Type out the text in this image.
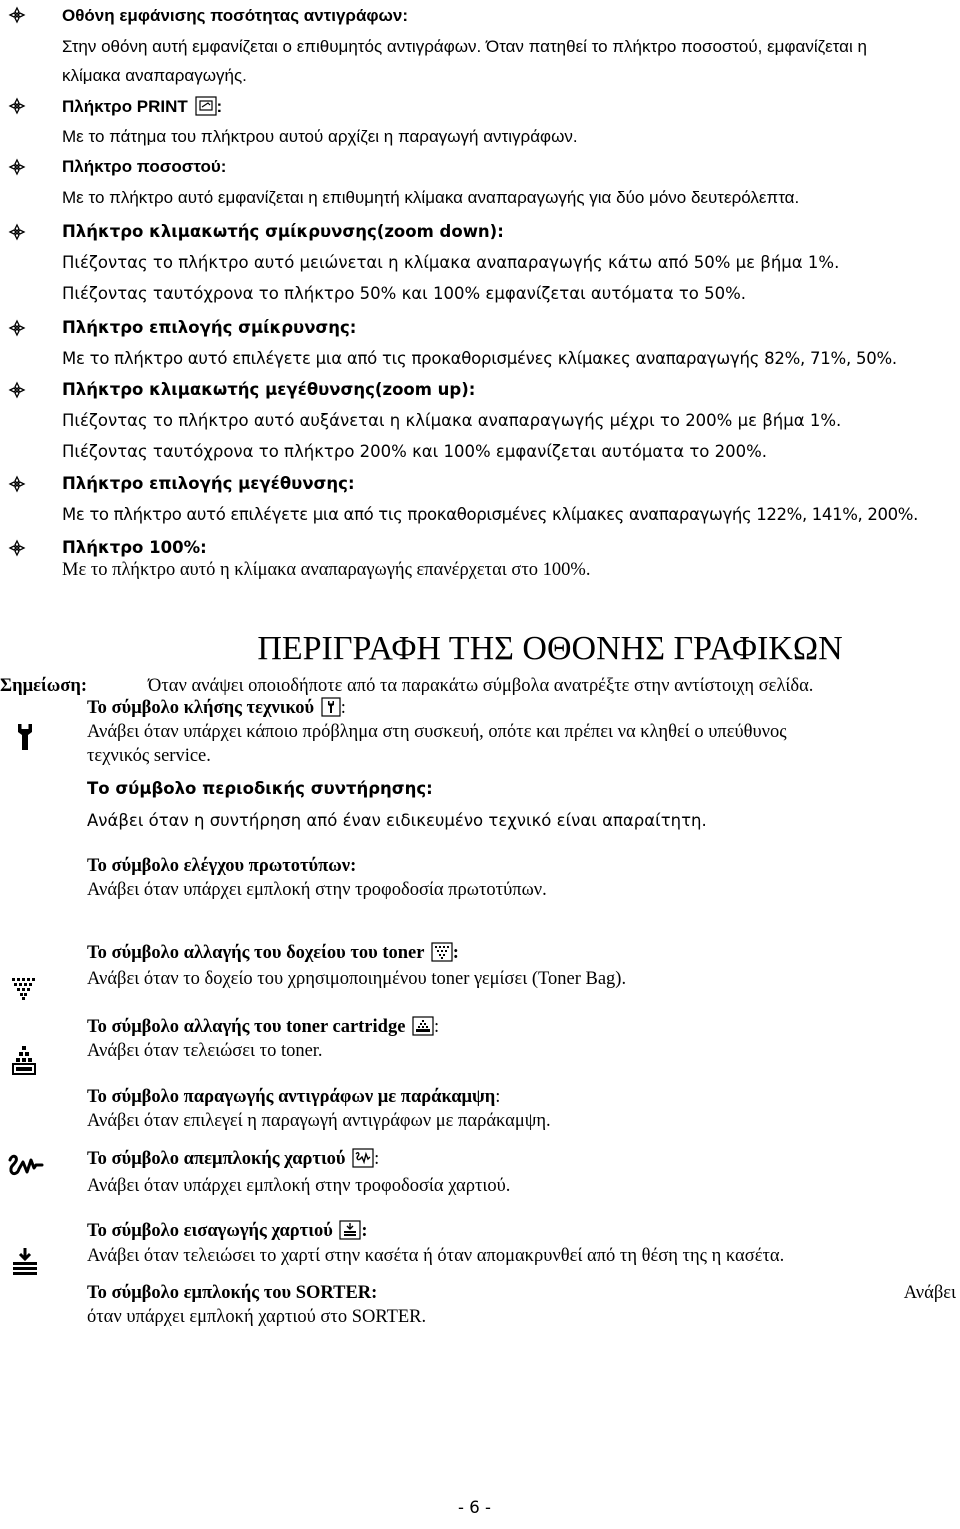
Οθόνη εμφάνισης ποσότητας αντιγράφων:
Στην οθόνη αυτή εμφανίζεται ο επιθυμητός αντιγράφων. Όταν πατηθεί το πλήκτρο ποσοστού, εμφανίζεται η
κλίμακα αναπαραγωγής.
Πλήκτρο PRINT :
Με το πάτημα του πλήκτρου αυτού αρχίζει η παραγωγή αντιγράφων.
Πλήκτρο ποσοστού:
Με το πλήκτρο αυτό εμφανίζεται η επιθυμητή κλίμακα αναπαραγωγής για δύο μόνο δευτερόλεπτα.
Πλήκτρο κλιμακωτής σμίκρυνσης(zoom down):
Πιέζοντας το πλήκτρο αυτό μειώνεται η κλίμακα αναπαραγωγής κάτω από 50% με βήμα 1%.
Πιέζοντας ταυτόχρονα το πλήκτρο 50% και 100% εμφανίζεται αυτόματα το 50%.
Πλήκτρο επιλογής σμίκρυνσης:
Με το πλήκτρο αυτό επιλέγετε μια από τις προκαθορισμένες κλίμακες αναπαραγωγής 82%, 71%, 50%.
Πλήκτρο κλιμακωτής μεγέθυνσης(zoom up):
Πιέζοντας το πλήκτρο αυτό αυξάνεται η κλίμακα αναπαραγωγής μέχρι το 200% με βήμα 1%.
Πιέζοντας ταυτόχρονα το πλήκτρο 200% και 100% εμφανίζεται αυτόματα το 200%.
Πλήκτρο επιλογής μεγέθυνσης:
Με το πλήκτρο αυτό επιλέγετε μια από τις προκαθορισμένες κλίμακες αναπαραγωγής 122%, 141%, 200%.
Πλήκτρο 100%:
Με το πλήκτρο αυτό η κλίμακα αναπαραγωγής επανέρχεται στο 100%.
ΠΕΡΙΓΡΑΦΗ ΤΗΣ ΟΘΟΝΗΣ ΓΡΑΦΙΚΩΝ
Σημείωση:	Όταν ανάψει οποιοδήποτε από τα παρακάτω σύμβολα ανατρέξτε στην αντίστοιχη σελίδα.
Το σύμβολο κλήσης τεχνικού :
Ανάβει όταν υπάρχει κάποιο πρόβλημα στη συσκευή, οπότε και πρέπει να κληθεί ο υπεύθυνος
τεχνικός service.
Το σύμβολο περιοδικής συντήρησης:
Ανάβει όταν η συντήρηση από έναν ειδικευμένο τεχνικό είναι απαραίτητη.
Το σύμβολο ελέγχου πρωτοτύπων:
Ανάβει όταν υπάρχει εμπλοκή στην τροφοδοσία πρωτοτύπων.
Το σύμβολο αλλαγής του δοχείου του toner :
Ανάβει όταν το δοχείο του χρησιμοποιημένου toner γεμίσει (Toner Bag).
Το σύμβολο αλλαγής του toner cartridge :
Ανάβει όταν τελειώσει το toner.
Το σύμβολο παραγωγής αντιγράφων με παράκαμψη:
Ανάβει όταν επιλεγεί η παραγωγή αντιγράφων με παράκαμψη.
Το σύμβολο απεμπλοκής χαρτιού :
Ανάβει όταν υπάρχει εμπλοκή στην τροφοδοσία χαρτιού.
Το σύμβολο εισαγωγής χαρτιού :
Ανάβει όταν τελειώσει το χαρτί στην κασέτα ή όταν απομακρυνθεί από τη θέση της η κασέτα.
Το σύμβολο εμπλοκής του SORTER:	Ανάβει
όταν υπάρχει εμπλοκή χαρτιού στο SORTER.
- 6 -
